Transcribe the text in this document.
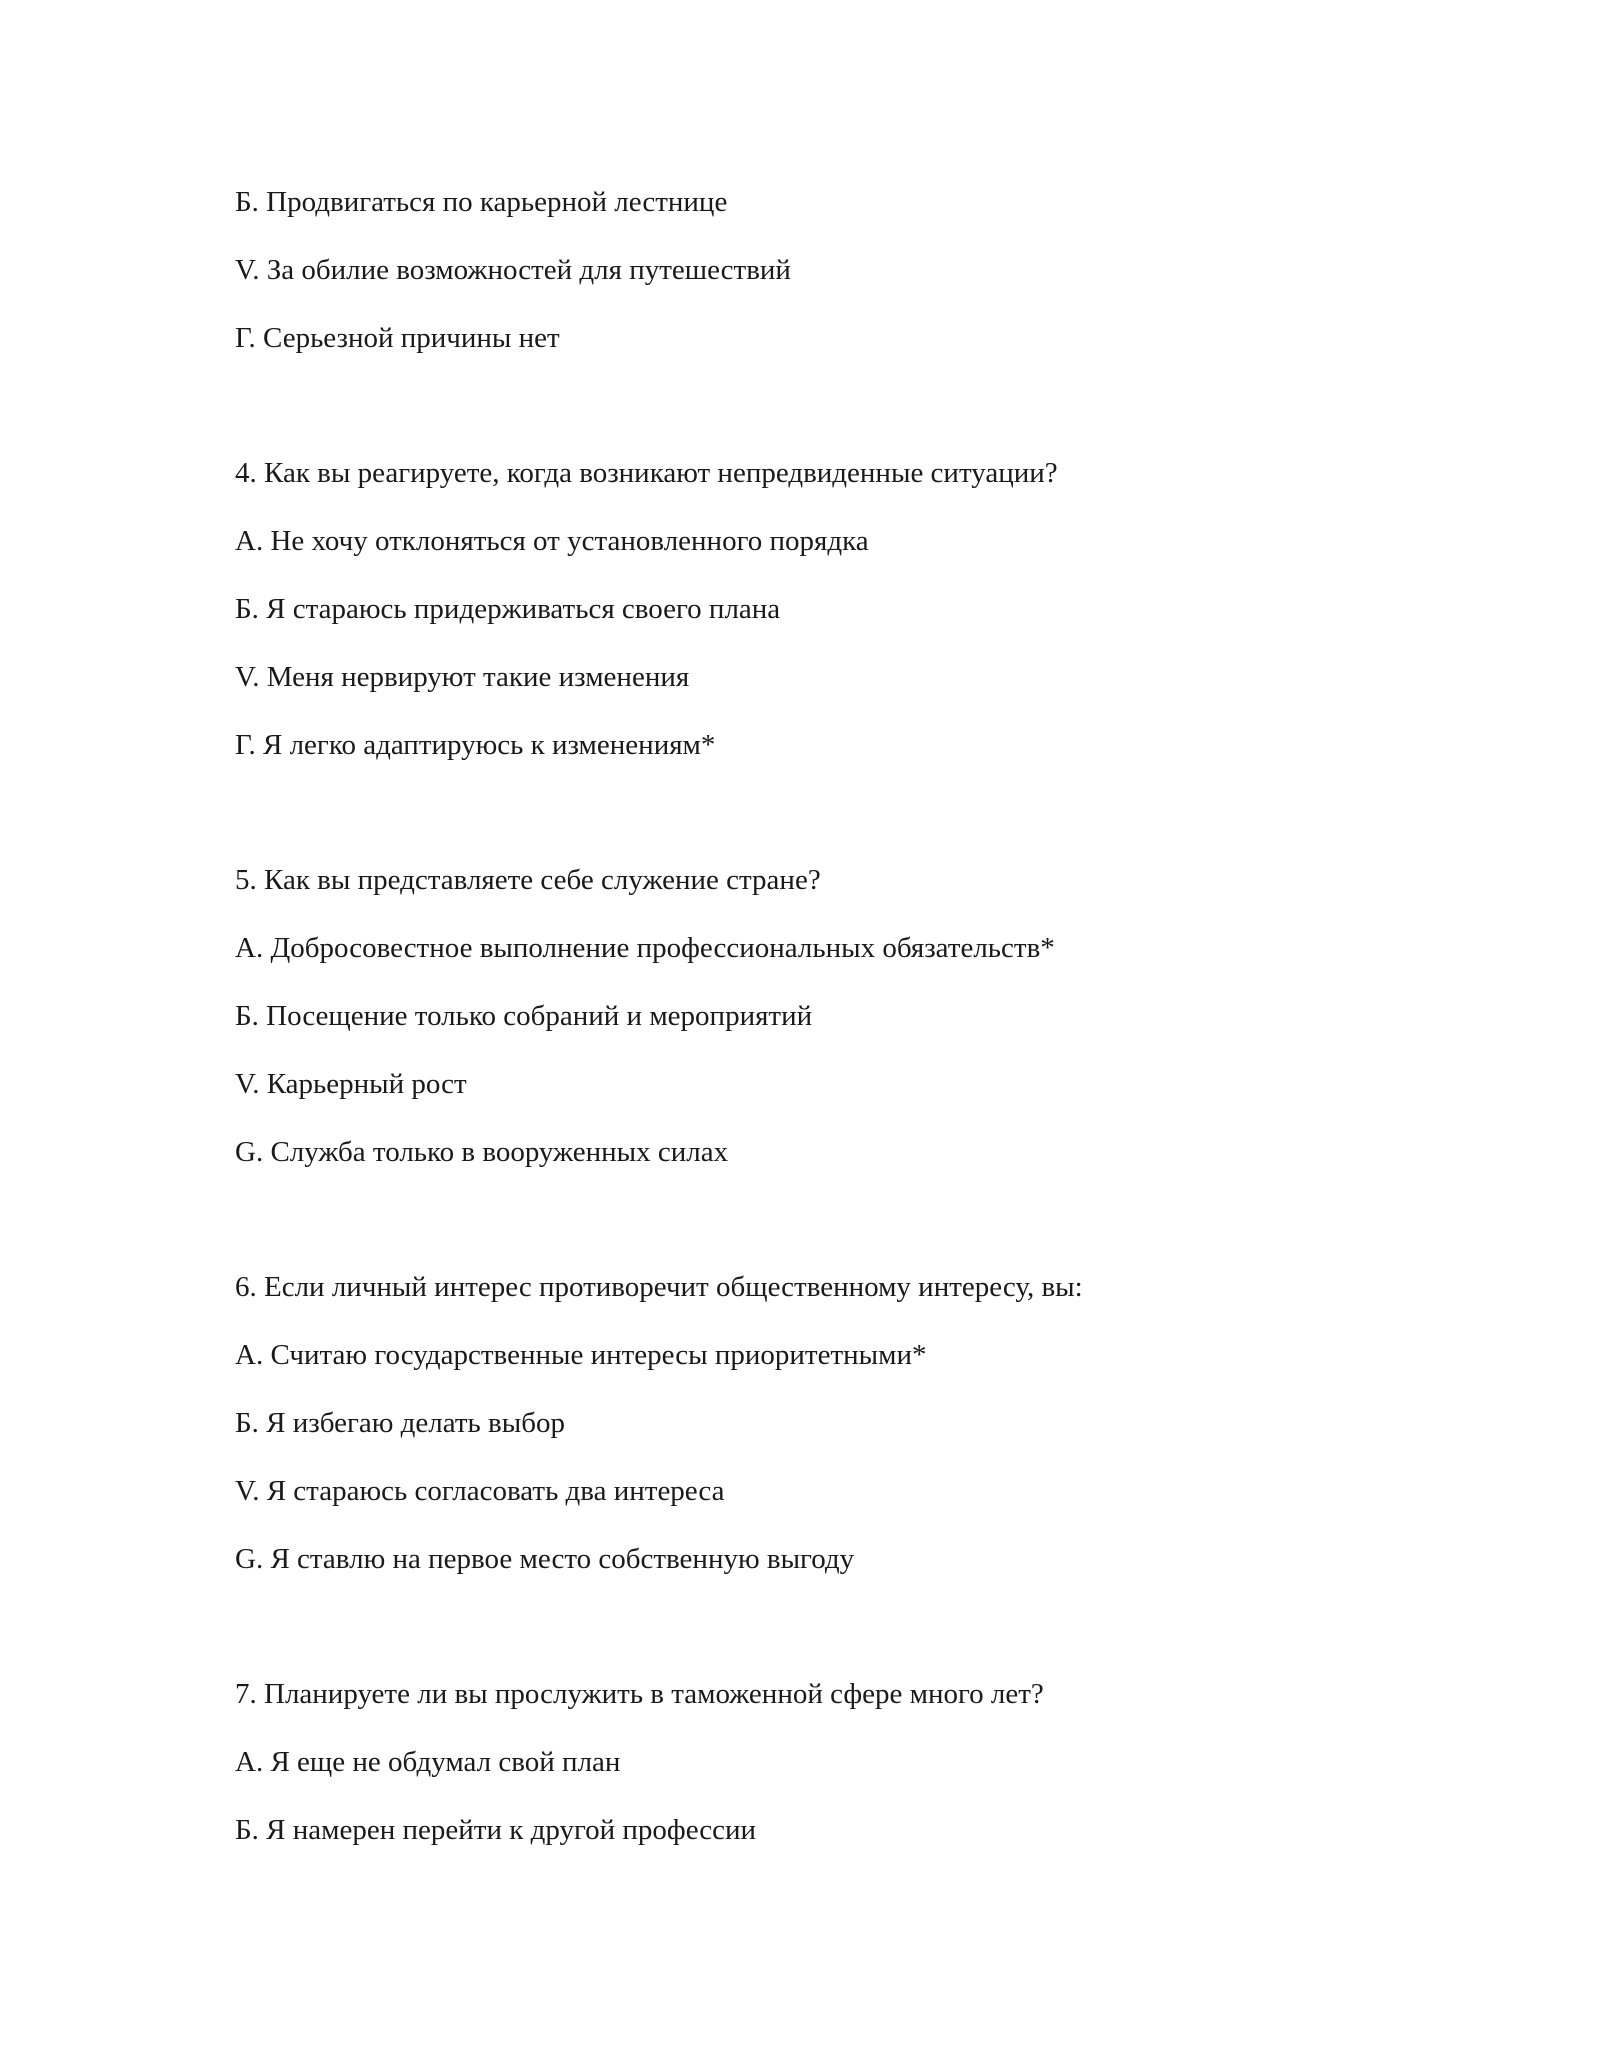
Б. Продвигаться по карьерной лестнице
V. За обилие возможностей для путешествий
Г. Серьезной причины нет
4. Как вы реагируете, когда возникают непредвиденные ситуации?
А. Не хочу отклоняться от установленного порядка
Б. Я стараюсь придерживаться своего плана
V. Меня нервируют такие изменения
Г. Я легко адаптируюсь к изменениям*
5. Как вы представляете себе служение стране?
А. Добросовестное выполнение профессиональных обязательств*
Б. Посещение только собраний и мероприятий
V. Карьерный рост
G. Служба только в вооруженных силах
6. Если личный интерес противоречит общественному интересу, вы:
А. Считаю государственные интересы приоритетными*
Б. Я избегаю делать выбор
V. Я стараюсь согласовать два интереса
G. Я ставлю на первое место собственную выгоду
7. Планируете ли вы прослужить в таможенной сфере много лет?
А. Я еще не обдумал свой план
Б. Я намерен перейти к другой профессии
